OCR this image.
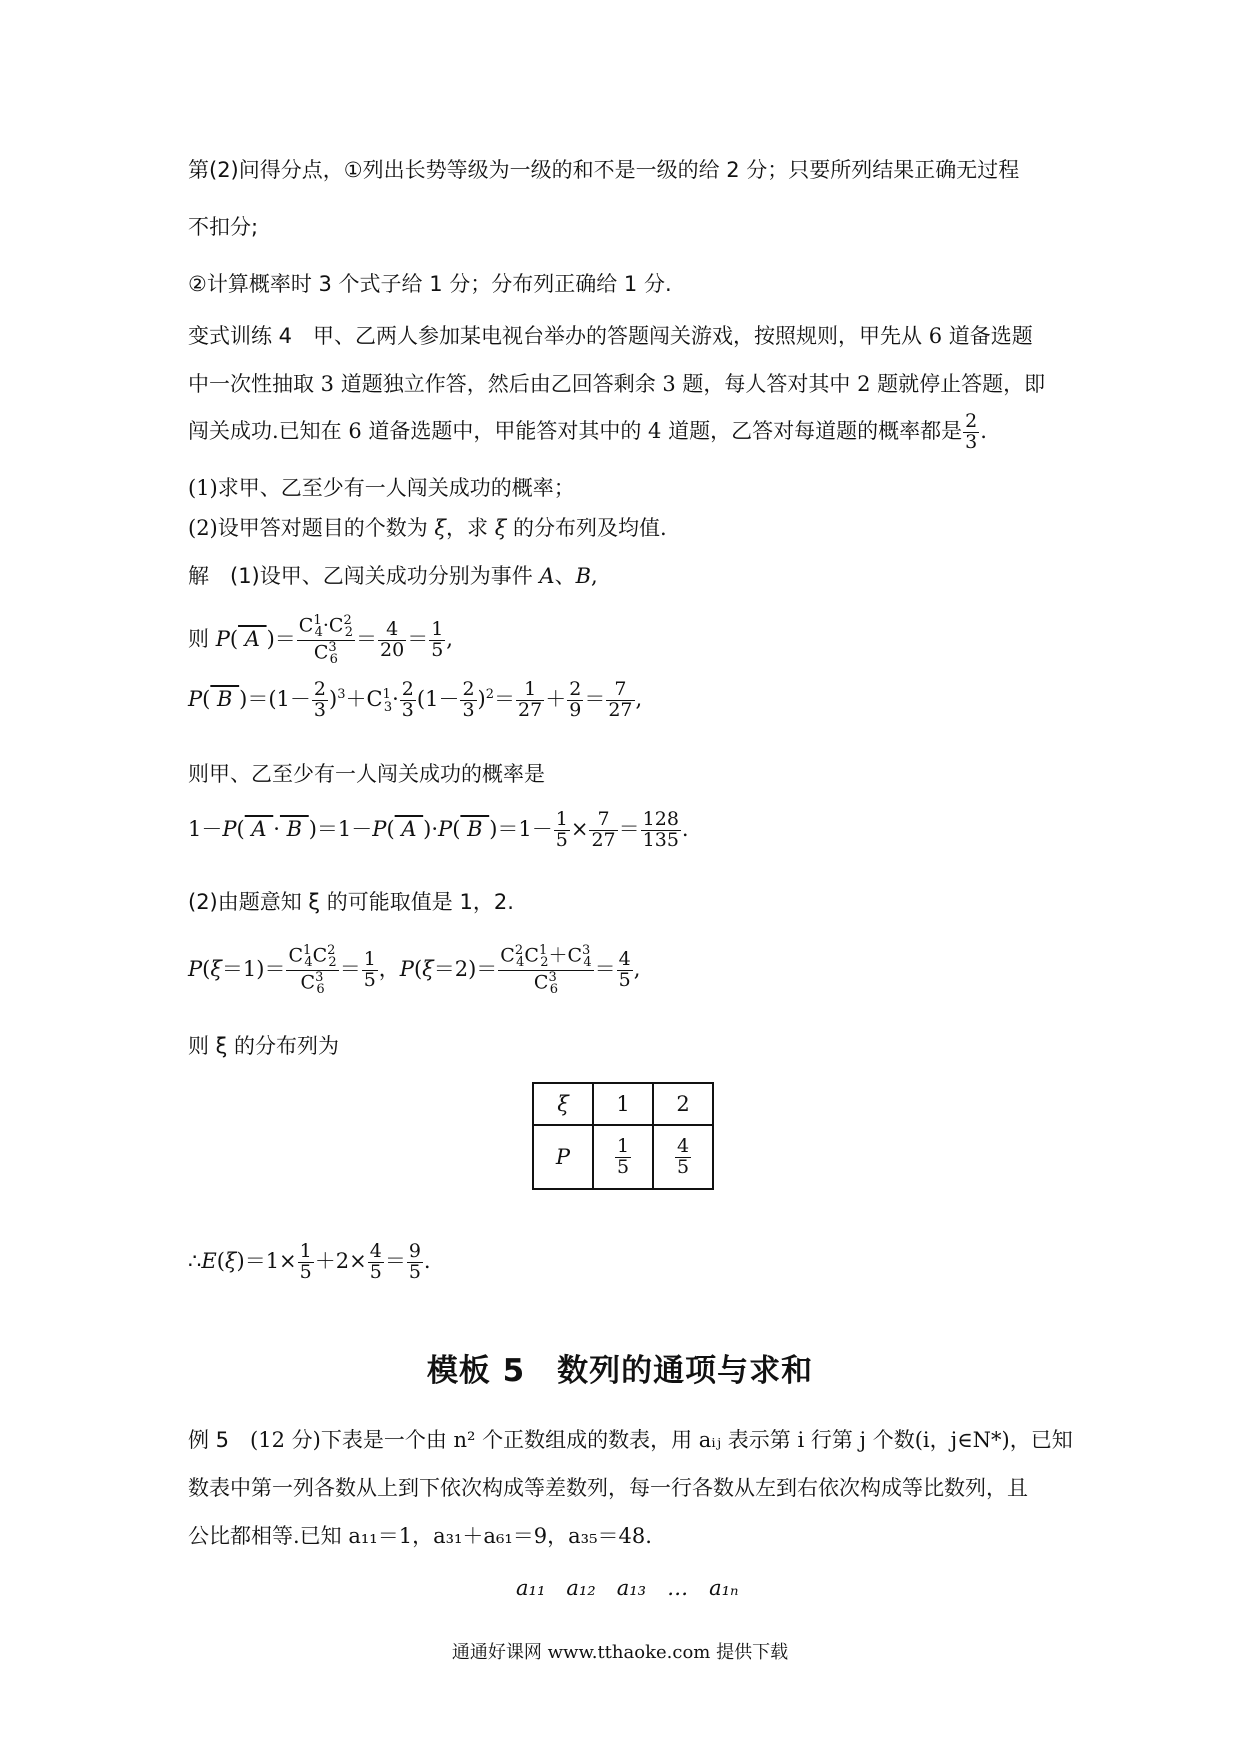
第(2)问得分点，①列出长势等级为一级的和不是一级的给 2 分；只要所列结果正确无过程
不扣分;
②计算概率时 3 个式子给 1 分；分布列正确给 1 分.
变式训练 4　 甲、乙两人参加某电视台举办的答题闯关游戏，按照规则，甲先从 6 道备选题
中一次性抽取 3 道题独立作答，然后由乙回答剩余 3 题，每人答对其中 2 题就停止答题，即
闯关成功.已知在 6 道备选题中，甲能答对其中的 4 道题，乙答对每道题的概率都是 $\frac{2}{3}$ .
(1)求甲、乙至少有一人闯关成功的概率；
(2)设甲答对题目的个数为 ξ，求 ξ 的分布列及均值.
解　 (1)设甲、乙闯关成功分别为事件 A、B,
则 P( A )＝ $\frac{C^1_4\cdot C^2_2}{C^3_6} = \frac{4}{20} = \frac{1}{5}$ ,
P( B )$=(1- \frac{2}{3} )^3+C^1_3\cdot \frac{2}{3} (1- \frac{2}{3} )^2= \frac{1}{27} + \frac{2}{9} = \frac{7}{27}$ ,
则甲、乙至少有一人闯关成功的概率是
1－P( A · B )＝1－P( A )·P( B )$=1- \frac{1}{5} \times \frac{7}{27} = \frac{128}{135}$ .
(2)由题意知 ξ 的可能取值是 1，2.
$P(\xi=1)= \frac{C^1_4C^2_2}{C^3_6} = \frac{1}{5}$ ，$P(\xi=2)= \frac{C^2_4C^1_2+C^3_4}{C^3_6} = \frac{4}{5}$ ,
则 ξ 的分布列为
ξ	1	2
P	$\frac{1}{5}$	$\frac{4}{5}$
∴E(ξ)＝1× $\frac{1}{5} +2\times \frac{4}{5} = \frac{9}{5}$ .
模板 5　数列的通项与求和
例 5　 (12 分)下表是一个由 n² 个正数组成的数表，用 aᵢⱼ 表示第 i 行第 j 个数(i，j∈N*)，已知
数表中第一列各数从上到下依次构成等差数列，每一行各数从左到右依次构成等比数列，且
公比都相等.已知 a₁₁＝1，a₃₁＋a₆₁＝9，a₃₅＝48.
a₁₁　a₁₂　a₁₃　…　a₁ₙ
通通好课网 www.tthaoke.com 提供下载
